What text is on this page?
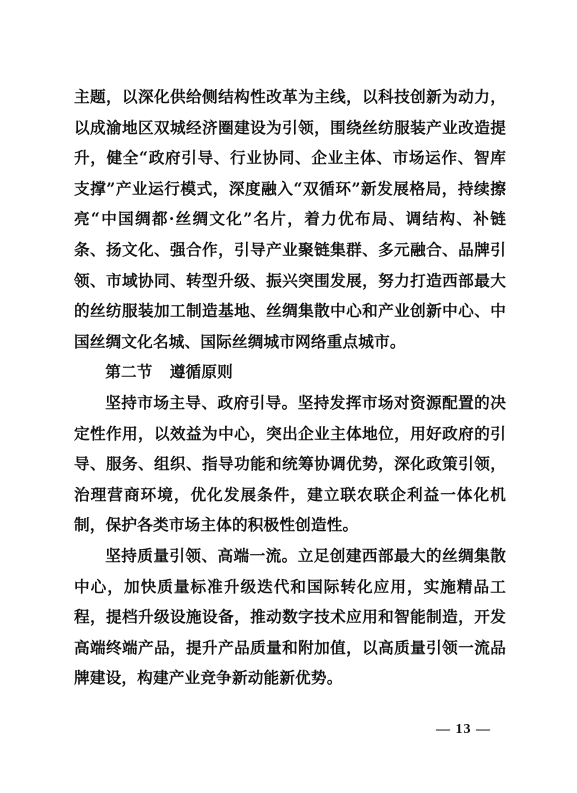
主题，以深化供给侧结构性改革为主线，以科技创新为动力，以成渝地区双城经济圈建设为引领，围绕丝纺服装产业改造提升，健全“政府引导、行业协同、企业主体、市场运作、智库支撑”产业运行模式，深度融入“双循环”新发展格局，持续擦亮“中国绸都·丝绸文化”名片，着力优布局、调结构、补链条、扬文化、强合作，引导产业聚链集群、多元融合、品牌引领、市域协同、转型升级、振兴突围发展，努力打造西部最大的丝纺服装加工制造基地、丝绸集散中心和产业创新中心、中国丝绸文化名城、国际丝绸城市网络重点城市。

第二节 遵循原则

坚持市场主导、政府引导。坚持发挥市场对资源配置的决定性作用，以效益为中心，突出企业主体地位，用好政府的引导、服务、组织、指导功能和统筹协调优势，深化政策引领，治理营商环境，优化发展条件，建立联农联企利益一体化机制，保护各类市场主体的积极性创造性。

坚持质量引领、高端一流。立足创建西部最大的丝绸集散中心，加快质量标准升级迭代和国际转化应用，实施精品工程，提档升级设施设备，推动数字技术应用和智能制造，开发高端终端产品，提升产品质量和附加值，以高质量引领一流品牌建设，构建产业竞争新动能新优势。

— 13 —
